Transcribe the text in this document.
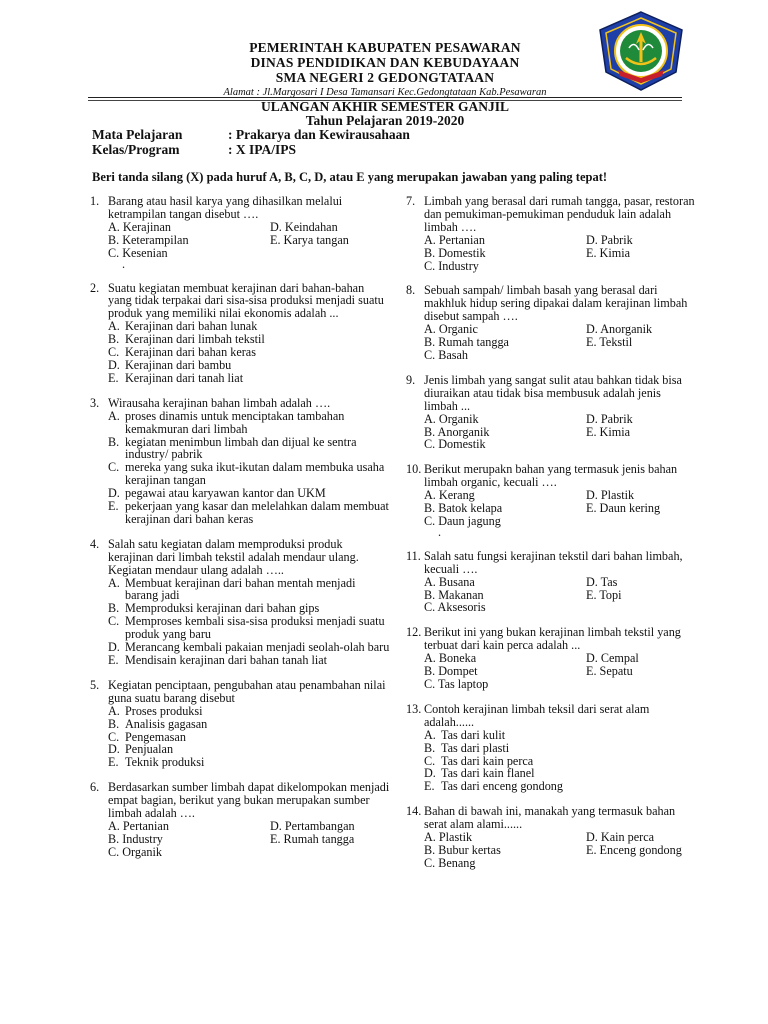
PEMERINTAH KABUPATEN PESAWARAN
DINAS PENDIDIKAN DAN KEBUDAYAAN
SMA NEGERI 2 GEDONGTATAAN
Alamat : Jl.Margosari I Desa Tamansari Kec.Gedongtataan Kab.Pesawaran
ULANGAN AKHIR SEMESTER GANJIL
Tahun Pelajaran 2019-2020
Mata Pelajaran	: Prakarya dan Kewirausahaan
Kelas/Program	: X IPA/IPS
Beri tanda silang (X) pada huruf A, B, C, D, atau E yang merupakan jawaban yang paling tepat!
1. Barang atau hasil karya yang dihasilkan melalui ketrampilan tangan disebut ….
A. Kerajinan	D. Keindahan
B. Keterampilan	E. Karya tangan
C. Kesenian
.
2. Suatu kegiatan membuat kerajinan dari bahan-bahan yang tidak terpakai dari sisa-sisa produksi menjadi suatu produk yang memiliki nilai ekonomis adalah ...
A. Kerajinan dari bahan lunak
B. Kerajinan dari limbah tekstil
C. Kerajinan dari bahan keras
D. Kerajinan dari bambu
E. Kerajinan dari tanah liat
3. Wirausaha kerajinan bahan limbah adalah ….
A. proses dinamis untuk menciptakan tambahan kemakmuran dari limbah
B. kegiatan menimbun limbah dan dijual ke sentra industry/ pabrik
C. mereka yang suka ikut-ikutan dalam membuka usaha kerajinan tangan
D. pegawai atau karyawan kantor dan UKM
E. pekerjaan yang kasar dan melelahkan dalam membuat kerajinan dari bahan keras
4. Salah satu kegiatan dalam memproduksi produk kerajinan dari limbah tekstil adalah mendaur ulang. Kegiatan mendaur ulang adalah …..
A. Membuat kerajinan dari bahan mentah menjadi barang jadi
B. Memproduksi kerajinan dari bahan gips
C. Memproses kembali sisa-sisa produksi menjadi suatu produk yang baru
D. Merancang kembali pakaian menjadi seolah-olah baru
E. Mendisain kerajinan dari bahan tanah liat
5. Kegiatan penciptaan, pengubahan atau penambahan nilai guna suatu barang disebut
A. Proses produksi
B. Analisis gagasan
C. Pengemasan
D. Penjualan
E. Teknik produksi
6. Berdasarkan sumber limbah dapat dikelompokan menjadi empat bagian, berikut yang bukan merupakan sumber limbah adalah ….
A. Pertanian	D. Pertambangan
B. Industry	E. Rumah tangga
C. Organik
7. Limbah yang berasal dari rumah tangga, pasar, restoran dan pemukiman-pemukiman penduduk lain adalah limbah ….
A. Pertanian	D. Pabrik
B. Domestik	E. Kimia
C. Industry
8. Sebuah sampah/ limbah basah yang berasal dari makhluk hidup sering dipakai dalam kerajinan limbah disebut sampah ….
A. Organic	D. Anorganik
B. Rumah tangga	E. Tekstil
C. Basah
9. Jenis limbah yang sangat sulit atau bahkan tidak bisa diuraikan atau tidak bisa membusuk adalah jenis limbah ...
A. Organik	D. Pabrik
B. Anorganik	E. Kimia
C. Domestik
10. Berikut merupakn bahan yang termasuk jenis bahan limbah organic, kecuali ….
A. Kerang	D. Plastik
B. Batok kelapa	E. Daun kering
C. Daun jagung
.
11. Salah satu fungsi kerajinan tekstil dari bahan limbah, kecuali ….
A. Busana	D. Tas
B. Makanan	E. Topi
C. Aksesoris
12. Berikut ini yang bukan kerajinan limbah tekstil yang terbuat dari kain perca adalah ...
A. Boneka	D. Cempal
B. Dompet	E. Sepatu
C. Tas laptop
13. Contoh kerajinan limbah teksil dari serat alam adalah......
A. Tas dari kulit
B. Tas dari plasti
C. Tas dari kain perca
D. Tas dari kain flanel
E. Tas dari enceng gondong
14. Bahan di bawah ini, manakah yang termasuk bahan serat alam alami......
A. Plastik	D. Kain perca
B. Bubur kertas	E. Enceng gondong
C. Benang
